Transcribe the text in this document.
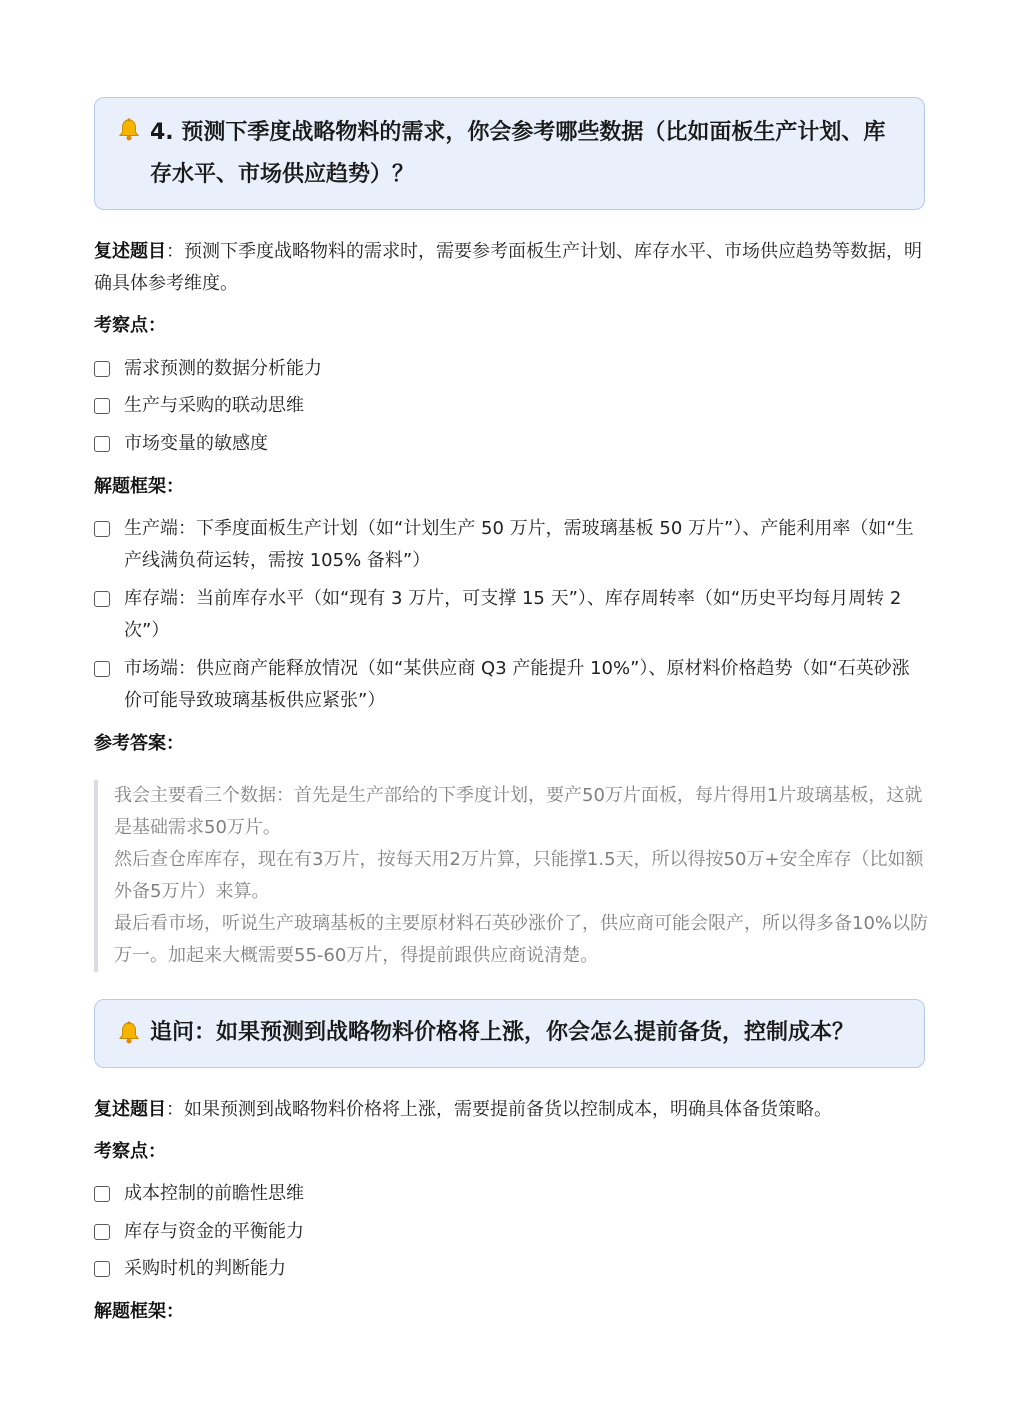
4. 预测下季度战略物料的需求，你会参考哪些数据（比如面板生产计划、库存水平、市场供应趋势）？
复述题目：预测下季度战略物料的需求时，需要参考面板生产计划、库存水平、市场供应趋势等数据，明确具体参考维度。
考察点：
需求预测的数据分析能力
生产与采购的联动思维
市场变量的敏感度
解题框架：
生产端：下季度面板生产计划（如“计划生产 50 万片，需玻璃基板 50 万片”）、产能利用率（如“生产线满负荷运转，需按 105% 备料”）
库存端：当前库存水平（如“现有 3 万片，可支撑 15 天”）、库存周转率（如“历史平均每月周转 2 次”）
市场端：供应商产能释放情况（如“某供应商 Q3 产能提升 10%”）、原材料价格趋势（如“石英砂涨价可能导致玻璃基板供应紧张”）
参考答案：

我会主要看三个数据：首先是生产部给的下季度计划，要产50万片面板，每片得用1片玻璃基板，这就是基础需求50万片。

然后查仓库库存，现在有3万片，按每天用2万片算，只能撑1.5天，所以得按50万+安全库存（比如额外备5万片）来算。

最后看市场，听说生产玻璃基板的主要原材料石英砂涨价了，供应商可能会限产，所以得多备10%以防万一。加起来大概需要55-60万片，得提前跟供应商说清楚。

追问：如果预测到战略物料价格将上涨，你会怎么提前备货，控制成本？
复述题目：如果预测到战略物料价格将上涨，需要提前备货以控制成本，明确具体备货策略。
考察点：
成本控制的前瞻性思维
库存与资金的平衡能力
采购时机的判断能力
解题框架：
